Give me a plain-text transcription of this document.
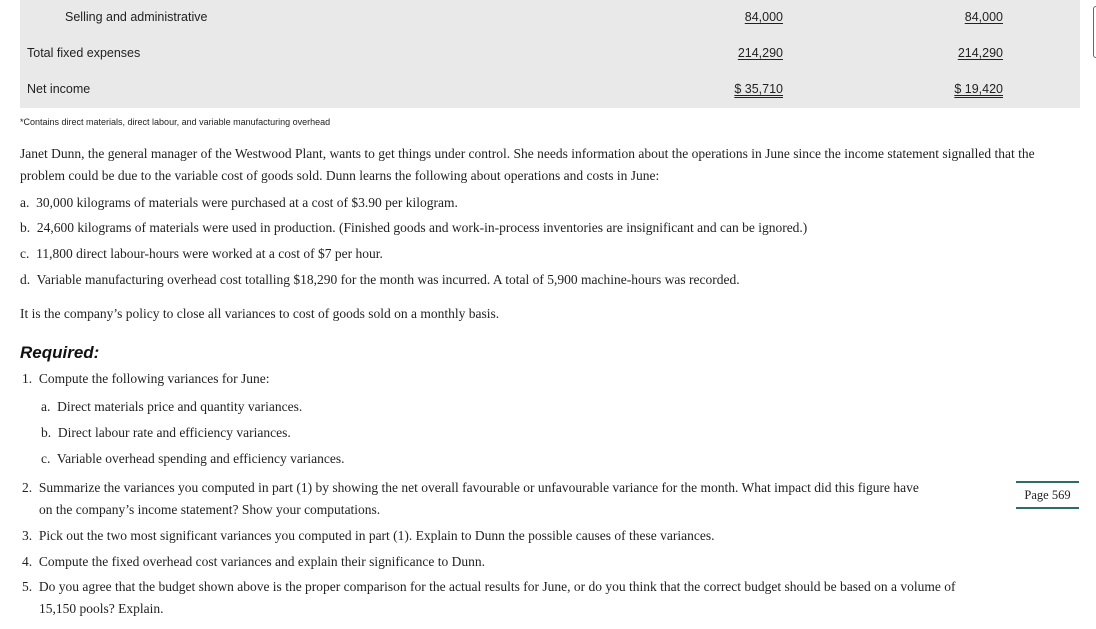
Selling and administrative	84,000	84,000
Total fixed expenses	214,290	214,290
Net income	$ 35,710	$ 19,420
*Contains direct materials, direct labour, and variable manufacturing overhead
Janet Dunn, the general manager of the Westwood Plant, wants to get things under control. She needs information about the operations in June since the income statement signalled that the problem could be due to the variable cost of goods sold. Dunn learns the following about operations and costs in June:
a. 30,000 kilograms of materials were purchased at a cost of $3.90 per kilogram.
b. 24,600 kilograms of materials were used in production. (Finished goods and work-in-process inventories are insignificant and can be ignored.)
c. 11,800 direct labour-hours were worked at a cost of $7 per hour.
d. Variable manufacturing overhead cost totalling $18,290 for the month was incurred. A total of 5,900 machine-hours was recorded.
It is the company’s policy to close all variances to cost of goods sold on a monthly basis.
Required:
1. Compute the following variances for June:
a. Direct materials price and quantity variances.
b. Direct labour rate and efficiency variances.
c. Variable overhead spending and efficiency variances.
2. Summarize the variances you computed in part (1) by showing the net overall favourable or unfavourable variance for the month. What impact did this figure have
on the company’s income statement? Show your computations.
Page 569
3. Pick out the two most significant variances you computed in part (1). Explain to Dunn the possible causes of these variances.
4. Compute the fixed overhead cost variances and explain their significance to Dunn.
5. Do you agree that the budget shown above is the proper comparison for the actual results for June, or do you think that the correct budget should be based on a volume of
15,150 pools? Explain.
